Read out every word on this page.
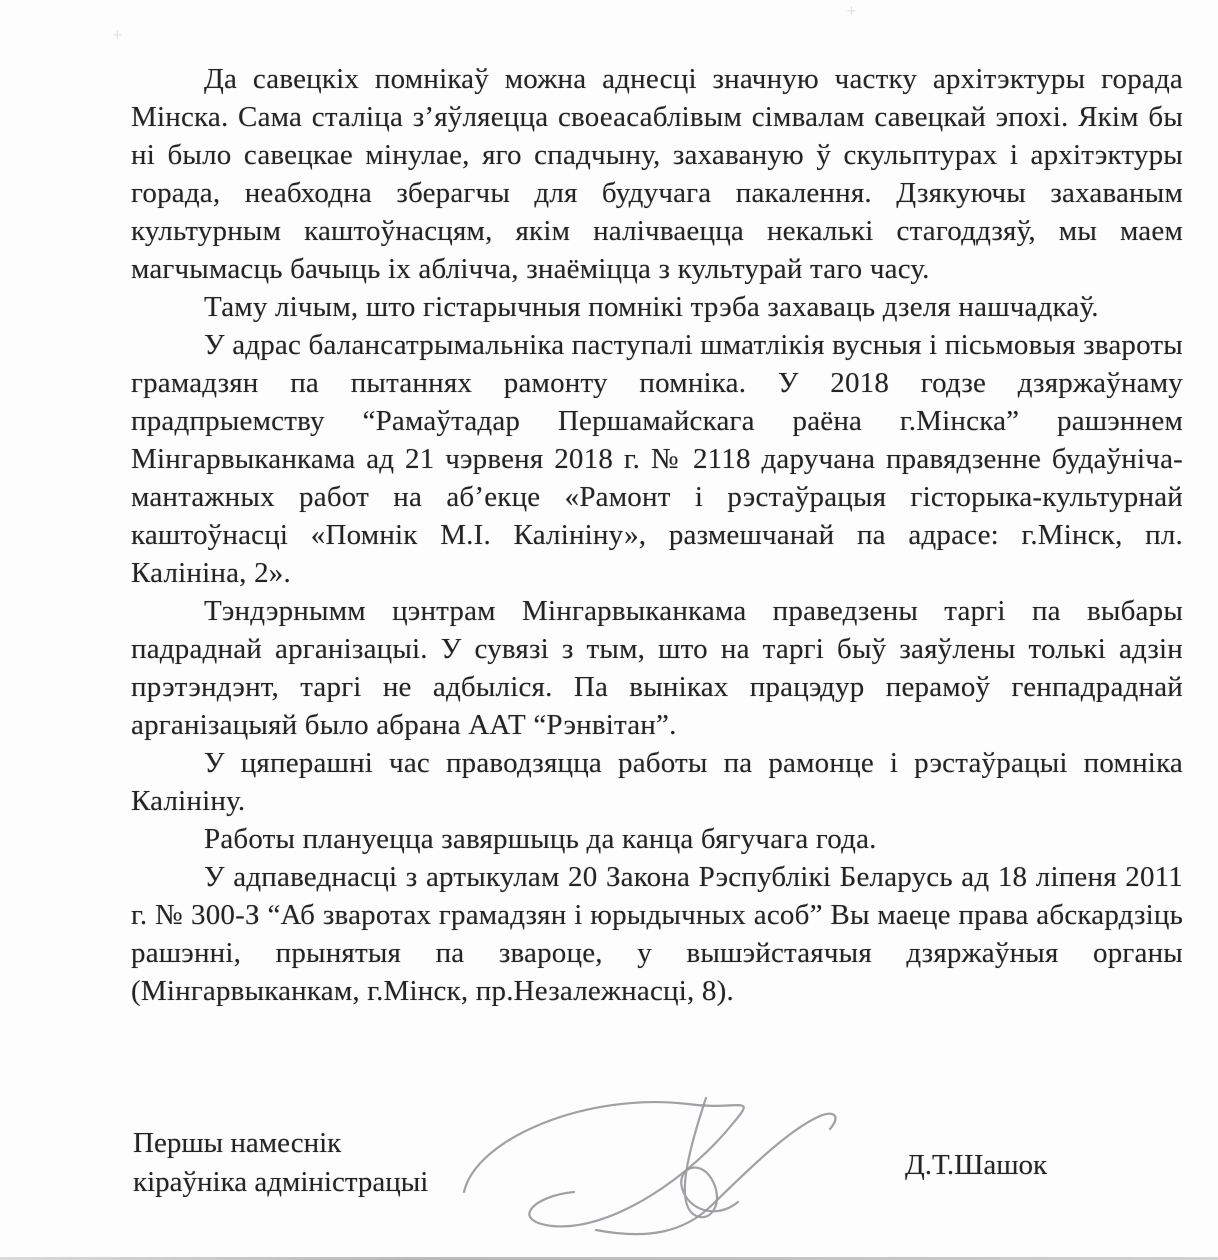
+
+

Да савецкіх помнікаў можна аднесці значную частку архітэктуры горада Мінска. Сама сталіца з’яўляецца своеасаблівым сімвалам савецкай эпохі. Якім бы ні было савецкае мінулае, яго спадчыну, захаваную ў скульптурах і архітэктуры горада, неабходна зберагчы для будучага пакалення. Дзякуючы захаваным культурным каштоўнасцям, якім налічваецца некалькі стагоддзяў, мы маем магчымасць бачыць іх аблічча, знаёміцца з культурай таго часу.

Таму лічым, што гістарычныя помнікі трэба захаваць дзеля нашчадкаў.

У адрас балансатрымальніка паступалі шматлікія вусныя і пісьмовыя звароты грамадзян па пытаннях рамонту помніка. У 2018 годзе дзяржаўнаму прадпрыемству “Рамаўтадар Першамайскага раёна г.Мінска” рашэннем Мінгарвыканкама ад 21 чэрвеня 2018 г. № 2118 даручана правядзенне будаўніча-мантажных работ на аб’екце «Рамонт і рэстаўрацыя гісторыка-культурнай каштоўнасці «Помнік М.І. Калініну», размешчанай па адрасе: г.Мінск, пл. Калініна, 2».

Тэндэрнымм цэнтрам Мінгарвыканкама праведзены таргі па выбары падраднай арганізацыі. У сувязі з тым, што на таргі быў заяўлены толькі адзін прэтэндэнт, таргі не адбыліся. Па выніках працэдур перамоў генпадраднай арганізацыяй было абрана ААТ “Рэнвітан”.

У цяперашні час праводзяцца работы па рамонце і рэстаўрацыі помніка Калініну.

Работы плануецца завяршыць да канца бягучага года.

У адпаведнасці з артыкулам 20 Закона Рэспублікі Беларусь ад 18 ліпеня 2011 г. № 300-З “Аб зваротах грамадзян і юрыдычных асоб” Вы маеце права абскардзіць рашэнні, прынятыя па звароце, у вышэйстаячыя дзяржаўныя органы (Мінгарвыканкам, г.Мінск, пр.Незалежнасці, 8).

Першы намеснік
кіраўніка адміністрацыі
Д.Т.Шашок
